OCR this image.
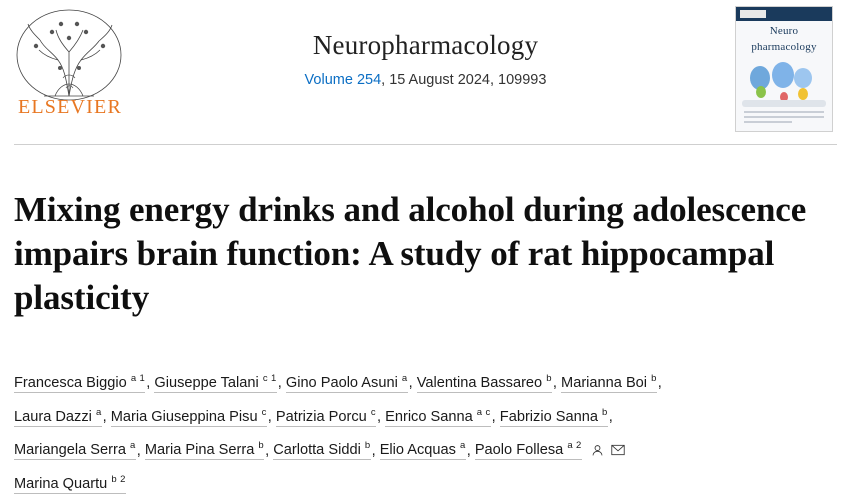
ELSEVIER
Neuropharmacology
Volume 254, 15 August 2024, 109993
Neuro
pharmacology
Mixing energy drinks and alcohol during adolescence impairs brain function: A study of rat hippocampal plasticity
Francesca Biggio $^{a 1}$, Giuseppe Talani $^{c 1}$, Gino Paolo Asuni $^a$, Valentina Bassareo $^b$, Marianna Boi $^b$,
Laura Dazzi $^a$, Maria Giuseppina Pisu $^c$, Patrizia Porcu $^c$, Enrico Sanna $^{a c}$, Fabrizio Sanna $^b$,
Mariangela Serra $^a$, Maria Pina Serra $^b$, Carlotta Siddi $^b$, Elio Acquas $^a$, Paolo Follesa $^{a 2}$
Marina Quartu $^{b 2}$
